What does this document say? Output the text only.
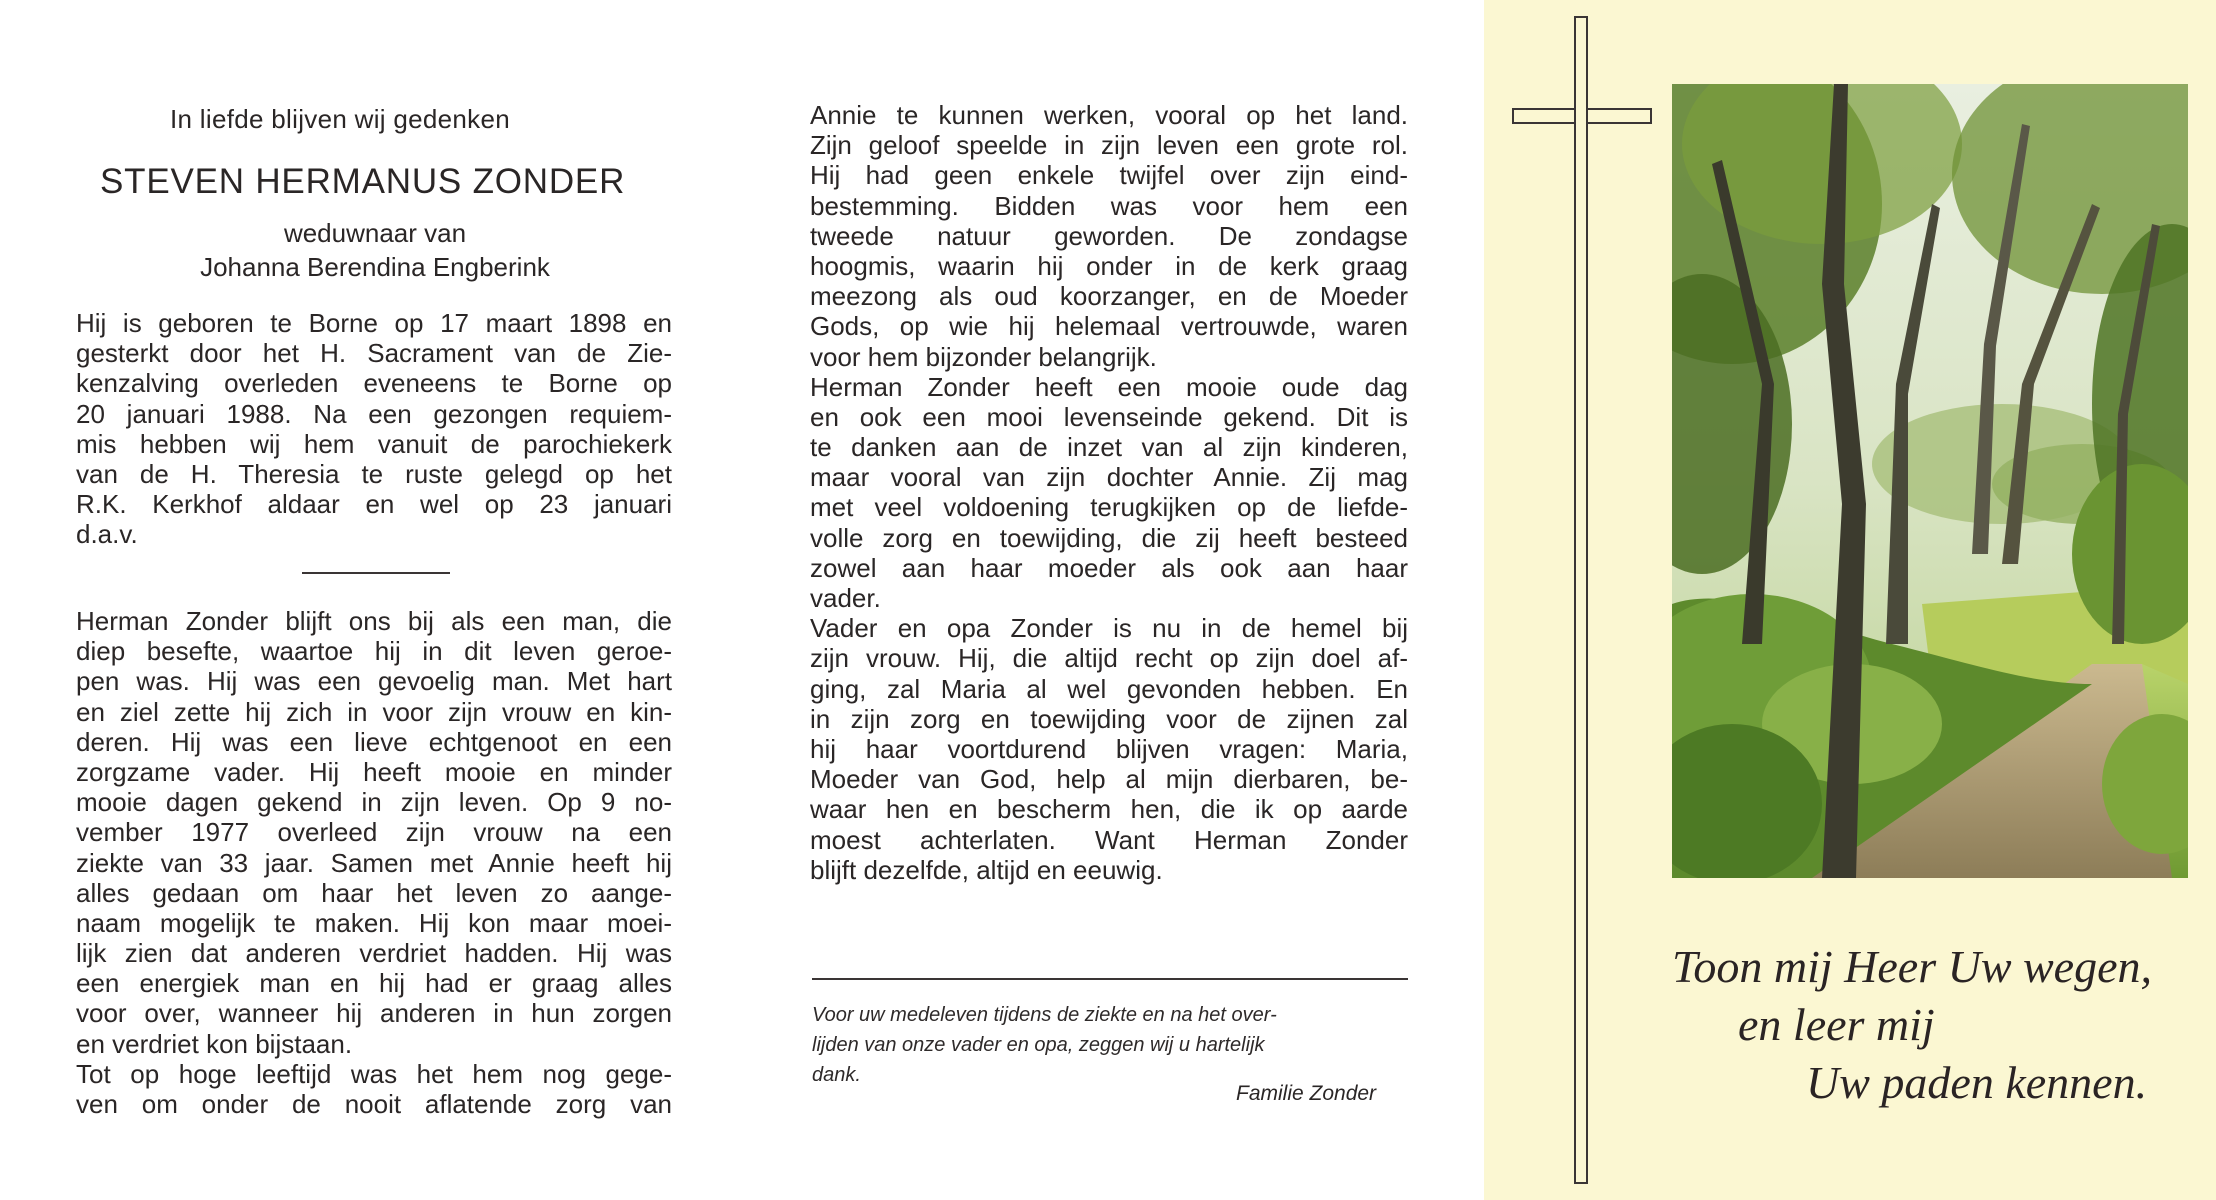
In liefde blijven wij gedenken
STEVEN HERMANUS ZONDER
weduwnaar van
Johanna Berendina Engberink
Hij is geboren te Borne op 17 maart 1898 en
gesterkt door het H. Sacrament van de Zie-
kenzalving overleden eveneens te Borne op
20 januari 1988. Na een gezongen requiem-
mis hebben wij hem vanuit de parochiekerk
van de H. Theresia te ruste gelegd op het
R.K. Kerkhof aldaar en wel op 23 januari
d.a.v.
Herman Zonder blijft ons bij als een man, die
diep besefte, waartoe hij in dit leven geroe-
pen was. Hij was een gevoelig man. Met hart
en ziel zette hij zich in voor zijn vrouw en kin-
deren. Hij was een lieve echtgenoot en een
zorgzame vader. Hij heeft mooie en minder
mooie dagen gekend in zijn leven. Op 9 no-
vember 1977 overleed zijn vrouw na een
ziekte van 33 jaar. Samen met Annie heeft hij
alles gedaan om haar het leven zo aange-
naam mogelijk te maken. Hij kon maar moei-
lijk zien dat anderen verdriet hadden. Hij was
een energiek man en hij had er graag alles
voor over, wanneer hij anderen in hun zorgen
en verdriet kon bijstaan.
Tot op hoge leeftijd was het hem nog gege-
ven om onder de nooit aflatende zorg van
Annie te kunnen werken, vooral op het land.
Zijn geloof speelde in zijn leven een grote rol.
Hij had geen enkele twijfel over zijn eind-
bestemming. Bidden was voor hem een
tweede natuur geworden. De zondagse
hoogmis, waarin hij onder in de kerk graag
meezong als oud koorzanger, en de Moeder
Gods, op wie hij helemaal vertrouwde, waren
voor hem bijzonder belangrijk.
Herman Zonder heeft een mooie oude dag
en ook een mooi levenseinde gekend. Dit is
te danken aan de inzet van al zijn kinderen,
maar vooral van zijn dochter Annie. Zij mag
met veel voldoening terugkijken op de liefde-
volle zorg en toewijding, die zij heeft besteed
zowel aan haar moeder als ook aan haar
vader.
Vader en opa Zonder is nu in de hemel bij
zijn vrouw. Hij, die altijd recht op zijn doel af-
ging, zal Maria al wel gevonden hebben. En
in zijn zorg en toewijding voor de zijnen zal
hij haar voortdurend blijven vragen: Maria,
Moeder van God, help al mijn dierbaren, be-
waar hen en bescherm hen, die ik op aarde
moest achterlaten. Want Herman Zonder
blijft dezelfde, altijd en eeuwig.
Voor uw medeleven tijdens de ziekte en na het over-
lijden van onze vader en opa, zeggen wij u hartelijk
dank.
Familie Zonder
Toon mij Heer Uw wegen,
en leer mij
Uw paden kennen.
